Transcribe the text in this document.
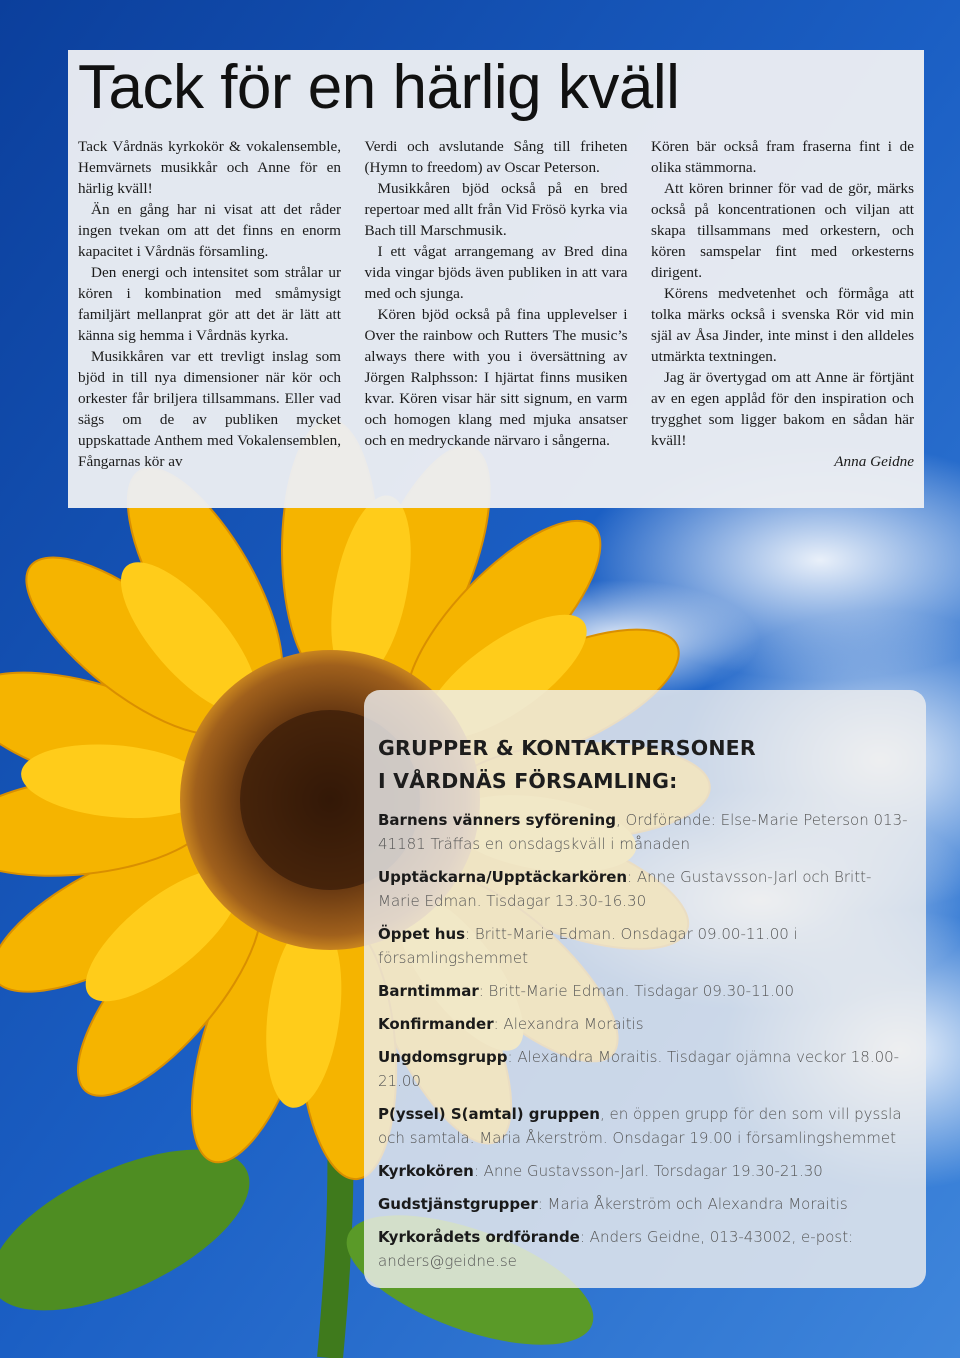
Tack för en härlig kväll

Tack Vårdnäs kyrkokör & vokalensemble, Hemvärnets musikkår och Anne för en härlig kväll!

Än en gång har ni visat att det råder ingen tvekan om att det finns en enorm kapacitet i Vårdnäs församling.

Den energi och intensitet som strålar ur kören i kombination med småmysigt familjärt mellanprat gör att det är lätt att känna sig hemma i Vårdnäs kyrka.

Musikkåren var ett trevligt inslag som bjöd in till nya dimensioner när kör och orkester får briljera tillsammans. Eller vad sägs om de av publiken mycket uppskattade Anthem med Vokalensemblen, Fångarnas kör av

Verdi och avslutande Sång till friheten (Hymn to freedom) av Oscar Peterson.

Musikkåren bjöd också på en bred repertoar med allt från Vid Frösö kyrka via Bach till Marschmusik.

I ett vågat arrangemang av Bred dina vida vingar bjöds även publiken in att vara med och sjunga.

Kören bjöd också på fina upplevelser i Over the rainbow och Rutters The music’s always there with you i översättning av Jörgen Ralphsson: I hjärtat finns musiken kvar. Kören visar här sitt signum, en varm och homogen klang med mjuka ansatser och en medryckande närvaro i sångerna.

Kören bär också fram fraserna fint i de olika stämmorna.

Att kören brinner för vad de gör, märks också på koncentrationen och viljan att skapa tillsammans med orkestern, och kören samspelar fint med orkesterns dirigent.

Körens medvetenhet och förmåga att tolka märks också i svenska Rör vid min själ av Åsa Jinder, inte minst i den alldeles utmärkta textningen.

Jag är övertygad om att Anne är förtjänt av en egen applåd för den inspiration och trygghet som ligger bakom en sådan här kväll!

Anna Geidne
GRUPPER & KONTAKTPERSONER
I VÅRDNÄS FÖRSAMLING:
Barnens vänners syförening, Ordförande: Else-Marie Peterson 013-41181 Träffas en onsdagskväll i månaden
Upptäckarna/Upptäckarkören: Anne Gustavsson-Jarl och Britt-Marie Edman. Tisdagar 13.30-16.30
Öppet hus: Britt-Marie Edman. Onsdagar 09.00-11.00 i församlingshemmet
Barntimmar: Britt-Marie Edman. Tisdagar 09.30-11.00
Konfirmander: Alexandra Moraitis
Ungdomsgrupp: Alexandra Moraitis. Tisdagar ojämna veckor 18.00-21.00
P(yssel) S(amtal) gruppen, en öppen grupp för den som vill pyssla och samtala. Maria Åkerström. Onsdagar 19.00 i församlingshemmet
Kyrkokören: Anne Gustavsson-Jarl. Torsdagar 19.30-21.30
Gudstjänstgrupper: Maria Åkerström och Alexandra Moraitis
Kyrkorådets ordförande: Anders Geidne, 013-43002, e-post: anders@geidne.se
